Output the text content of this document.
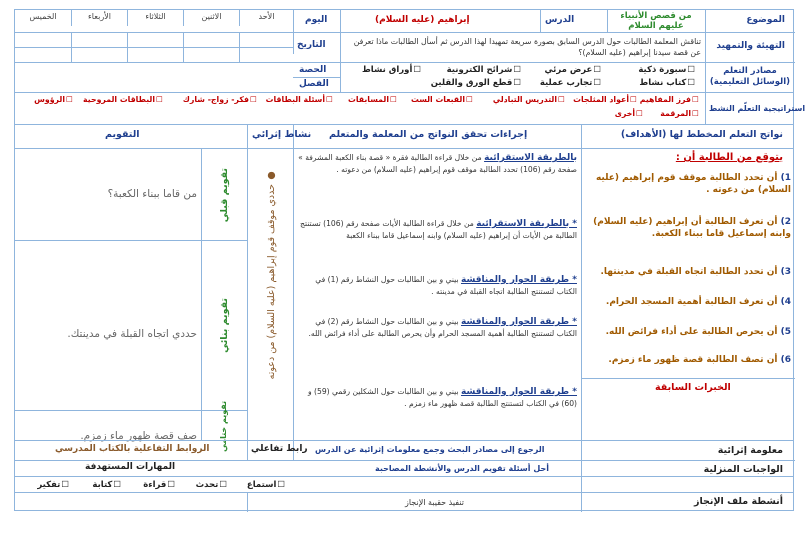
الموضوع
من قصص الأنبياء عليهم السلام
الدرس
إبراهيم (عليه السلام)
اليوم
الأحد
الاثنين
الثلاثاء
الأربعاء
الخميس
التهيئة والتمهيد
تناقش المعلمة الطالبات حول الدرس السابق بصورة سريعة تمهيدا لهذا الدرس ثم أسأل الطالبات ماذا تعرفن عن قصة سيدنا إبراهيم (عليه السلام)؟
التاريخ
مصادر التعلم (الوسائل التعليمية)
الحصة
الفصل
☐ سبورة ذكية
☐ عرض مرئي
☐ شرائح الكترونية
☐ أوراق نشاط
☐ كتاب نشاط
☐ تجارب عملية
☐ قطع الورق والقلين
استراتيجية التعلّم النشط
☐ فرز المفاهيم
☐ أعواد المثلجات
☐ التدريس التبادلي
☐ القبعات الست
☐ المسابقات
☐ أسئلة البطاقات
☐ فكر- زواج- شارك
☐ البطاقات المروحية
☐ الرؤوس
☐ المرقمة
☐ أخرى
نواتج التعلم المخطط لها (الأهداف)
إجراءات تحقق النواتج من المعلمة والمتعلم
نشاط إثرائي
التقويم
يتوقع من الطالبة أن :
1) أن تحدد الطالبة موقف قوم إبراهيم (عليه السلام) من دعوته .
2) أن تعرف الطالبة أن إبراهيم (عليه السلام) وابنه إسماعيل قاما ببناء الكعبة.
3) أن تحدد الطالبة اتجاه القبلة في مدينتها.
4) أن تعرف الطالبة أهمية المسجد الحرام.
5) أن يحرص الطالبة على أداء فرائض الله.
6) أن تصف الطالبة قصة ظهور ماء زمزم.
الخبرات السابقة
بالطريقة الاستقرائية من خلال قراءة الطالبة فقرة « قصة بناء الكعبة المشرفة » صفحة رقم (106) تحدد الطالبة موقف قوم إبراهيم (عليه السلام) من دعوته .
* بالطريقة الاستقرائية من خلال قراءة الطالبة الأيات صفحة رقم (106) تستنتج الطالبة من الأيات أن إبراهيم (عليه السلام) وابنه إسماعيل قاما ببناء الكعبة
* طريقة الحوار والمناقشة بيني و بين الطالبات حول النشاط رقم (1) في الكتاب لتستنتج الطالبة اتجاه القبلة في مدينته .
* طريقة الحوار والمناقشة بيني و بين الطالبات حول النشاط رقم (2) في الكتاب لتستنتج الطالبة أهمية المسجد الحرام وأن يحرص الطالبة على أداء فرائض الله.
* طريقة الحوار والمناقشة بيني و بين الطالبات حول الشكلين رقمي (59) و (60) في الكتاب لتستنتج الطالبة قصة ظهور ماء زمزم .
● حددي موقف قوم إبراهيم (عليه السلام) من دعوته
تقويم قبلي
تقويم بنائي
تقويم ختامي
من قاما ببناء الكعبة؟
حددي اتجاه القبلة في مدينتك.
صف قصة ظهور ماء زمزم.
معلومة إثرائية
الرجوع إلى مصادر البحث وجمع معلومات إثرائية عن الدرس
رابط تفاعلي
الروابط التفاعلية بالكتاب المدرسي
الواجبات المنزلية
أحل أسئلة تقويم الدرس والأنشطة المصاحبة
المهارات المستهدفة
أنشطة ملف الإنجاز
تنفيذ حقيبة الإنجاز
☐ استماع
☐ تحدث
☐ قراءة
☐ كتابة
☐ تفكير
